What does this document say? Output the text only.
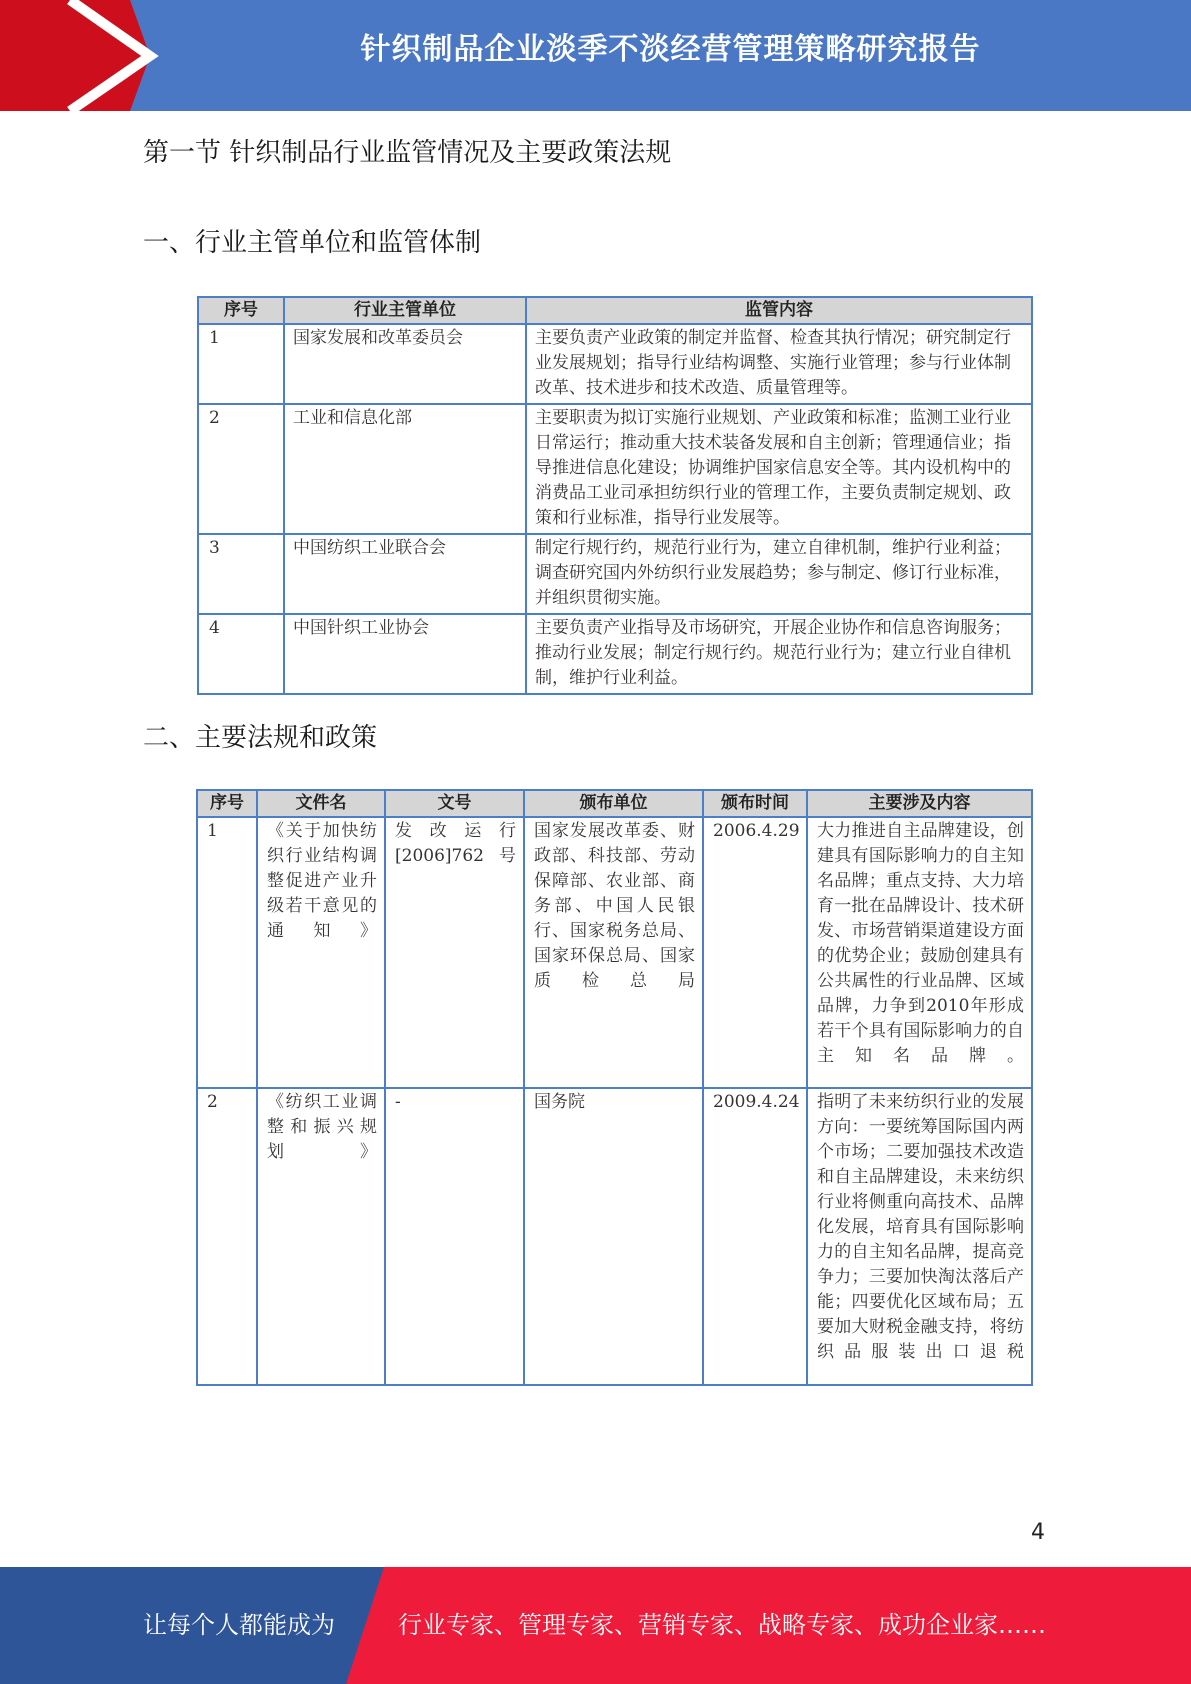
针织制品企业淡季不淡经营管理策略研究报告
第一节 针织制品行业监管情况及主要政策法规
一、行业主管单位和监管体制
序号	行业主管单位	监管内容
1	国家发展和改革委员会	主要负责产业政策的制定并监督、检查其执行情况；研究制定行业发展规划；指导行业结构调整、实施行业管理；参与行业体制改革、技术进步和技术改造、质量管理等。
2	工业和信息化部	主要职责为拟订实施行业规划、产业政策和标准；监测工业行业日常运行；推动重大技术装备发展和自主创新；管理通信业；指导推进信息化建设；协调维护国家信息安全等。其内设机构中的消费品工业司承担纺织行业的管理工作，主要负责制定规划、政策和行业标准，指导行业发展等。
3	中国纺织工业联合会	制定行规行约，规范行业行为，建立自律机制，维护行业利益；调查研究国内外纺织行业发展趋势；参与制定、修订行业标准，并组织贯彻实施。
4	中国针织工业协会	主要负责产业指导及市场研究，开展企业协作和信息咨询服务；推动行业发展；制定行规行约。规范行业行为；建立行业自律机制，维护行业利益。
二、主要法规和政策
序号	文件名	文号	颁布单位	颁布时间	主要涉及内容
1	《关于加快纺织行业结构调整促进产业升级若干意见的通知》	发改运行[2006]762号	国家发展改革委、财政部、科技部、劳动保障部、农业部、商务部、中国人民银行、国家税务总局、国家环保总局、国家质检总局	2006.4.29	大力推进自主品牌建设，创建具有国际影响力的自主知名品牌；重点支持、大力培育一批在品牌设计、技术研发、市场营销渠道建设方面的优势企业；鼓励创建具有公共属性的行业品牌、区域品牌，力争到2010年形成若干个具有国际影响力的自主知名品牌。
2	《纺织工业调整和振兴规划》	-	国务院	2009.4.24	指明了未来纺织行业的发展方向：一要统筹国际国内两个市场；二要加强技术改造和自主品牌建设，未来纺织行业将侧重向高技术、品牌化发展，培育具有国际影响力的自主知名品牌，提高竞争力；三要加快淘汰落后产能；四要优化区域布局；五要加大财税金融支持，将纺织品服装出口退税
4
让每个人都能成为	行业专家、管理专家、营销专家、战略专家、成功企业家……
